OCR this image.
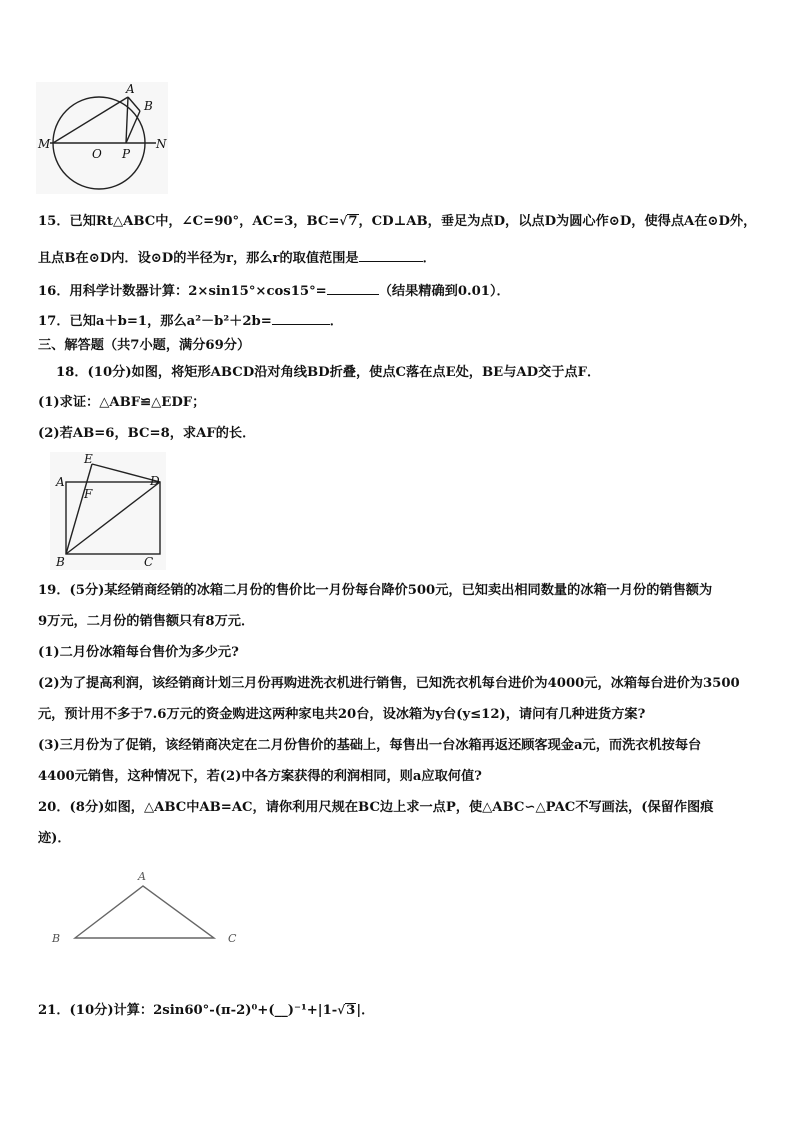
A
B
M
O P
N
15．已知Rt△ABC中，∠C=90°，AC=3，BC=√7，CD⊥AB，垂足为点D，以点D为圆心作⊙D，使得点A在⊙D外，
且点B在⊙D内．设⊙D的半径为r，那么r的取值范围是	．
16．用科学计数器计算：2×sin15°×cos15°=	（结果精确到0.01）．
17．已知a＋b=1，那么a²－b²＋2b=	．
三、解答题（共7小题，满分69分）
18．(10分)如图，将矩形ABCD沿对角线BD折叠，使点C落在点E处，BE与AD交于点F．
(1)求证：△ABF≌△EDF；
(2)若AB=6，BC=8，求AF的长．
A
E
F
D
B	C
19．(5分)某经销商经销的冰箱二月份的售价比一月份每台降价500元，已知卖出相同数量的冰箱一月份的销售额为
9万元，二月份的销售额只有8万元．
(1)二月份冰箱每台售价为多少元?
(2)为了提高利润，该经销商计划三月份再购进洗衣机进行销售，已知洗衣机每台进价为4000元，冰箱每台进价为3500
元，预计用不多于7.6万元的资金购进这两种家电共20台，设冰箱为y台(y≤12)，请问有几种进货方案?
(3)三月份为了促销，该经销商决定在二月份售价的基础上，每售出一台冰箱再返还顾客现金a元，而洗衣机按每台
4400元销售，这种情况下，若(2)中各方案获得的利润相同，则a应取何值?
20．(8分)如图，△ABC中AB=AC，请你利用尺规在BC边上求一点P，使△ABC∽△PAC不写画法，(保留作图痕
迹)．
A
B	C
21．(10分)计算：2sin60°-(π-2)⁰+(__)⁻¹+|1-√3|．
